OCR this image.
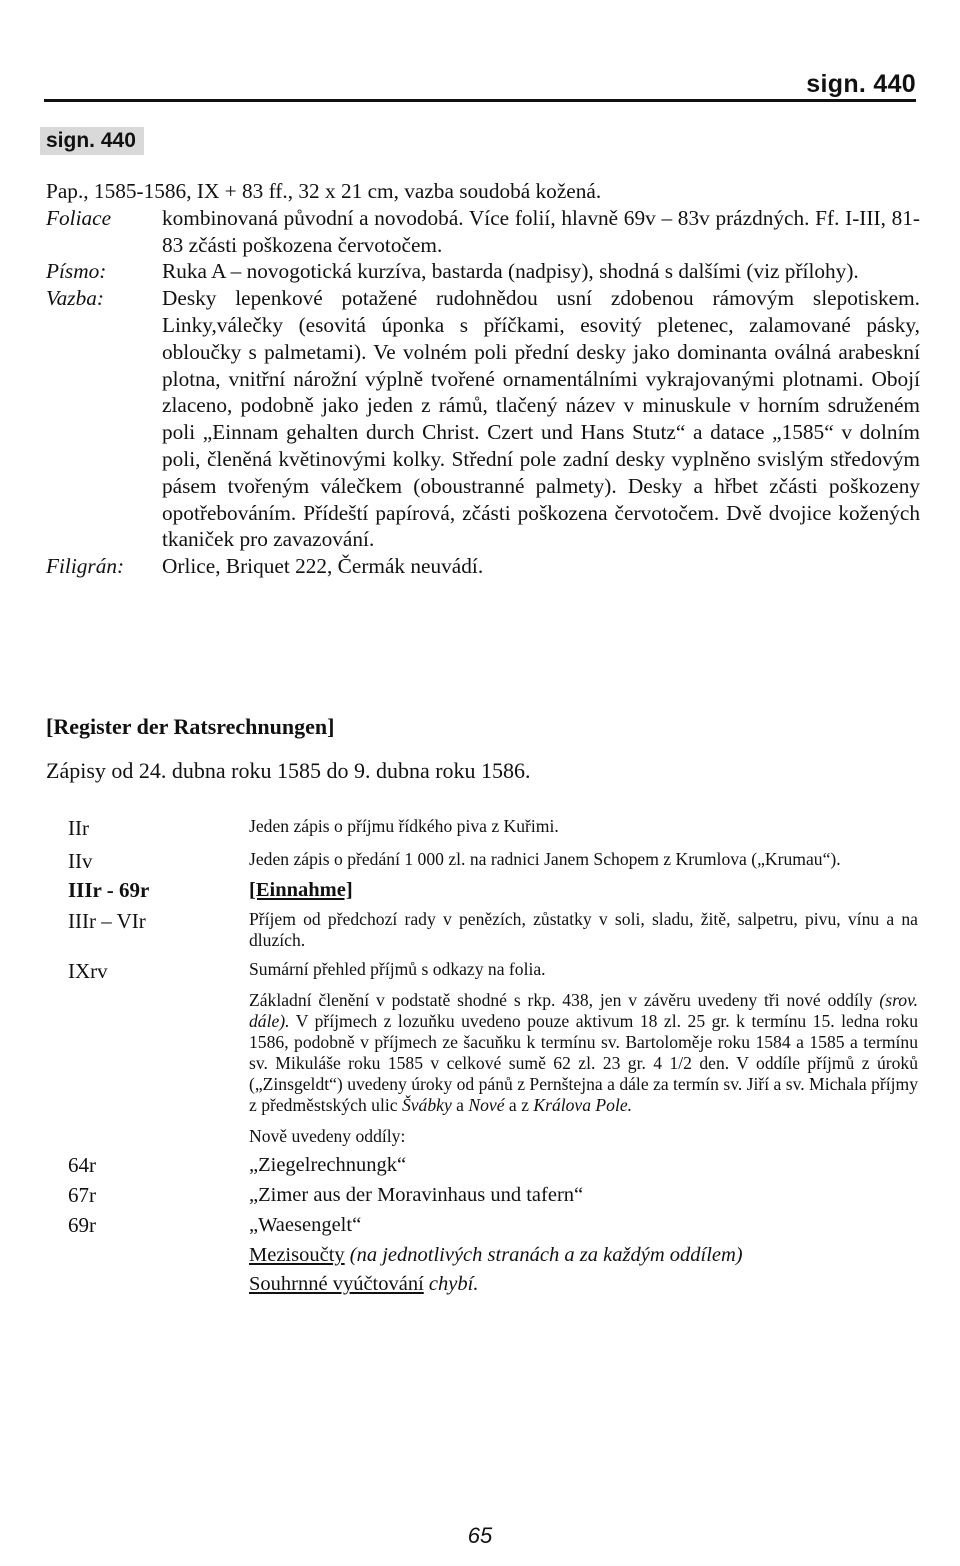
sign. 440
sign. 440

Pap., 1585-1586, IX + 83 ff., 32 x 21 cm, vazba soudobá kožená.

Foliace	kombinovaná původní a novodobá. Více folií, hlavně 69v – 83v prázdných. Ff. I-III, 81-83 zčásti poškozena červotočem.

Písmo:	Ruka A – novogotická kurzíva, bastarda (nadpisy), shodná s dalšími (viz přílohy).

Vazba:	Desky lepenkové potažené rudohnědou usní zdobenou rámovým slepotiskem. Linky,válečky (esovitá úponka s příčkami, esovitý pletenec, zalamované pásky, obloučky s palmetami). Ve volném poli přední desky jako dominanta oválná arabeskní plotna, vnitřní nárožní výplně tvořené ornamentálními vykrajovanými plotnami. Obojí zlaceno, podobně jako jeden z rámů, tlačený název v minuskule v horním sdruženém poli „Einnam gehalten durch Christ. Czert und Hans Stutz“ a datace „1585“ v dolním poli, členěná květinovými kolky. Střední pole zadní desky vyplněno svislým středovým pásem tvořeným válečkem (oboustranné palmety). Desky a hřbet zčásti poškozeny opotřebováním. Přídeští papírová, zčásti poškozena červotočem. Dvě dvojice kožených tkaniček pro zavazování.

Filigrán:	Orlice, Briquet 222, Čermák neuvádí.

[Register der Ratsrechnungen]

Zápisy od 24. dubna roku 1585 do 9. dubna roku 1586.

IIr	Jeden zápis o příjmu řídkého piva z Kuřimi.

IIv	Jeden zápis o předání 1 000 zl. na radnici Janem Schopem z Krumlova („Krumau“).

IIIr - 69r	[Einnahme]

IIIr – VIr	Příjem od předchozí rady v penězích, zůstatky v soli, sladu, žitě, salpetru, pivu, vínu a na dluzích.

IXrv	Sumární přehled příjmů s odkazy na folia.

Základní členění v podstatě shodné s rkp. 438, jen v závěru uvedeny tři nové oddíly (srov. dále). V příjmech z lozuňku uvedeno pouze aktivum 18 zl. 25 gr. k termínu 15. ledna roku 1586, podobně v příjmech ze šacuňku k termínu sv. Bartoloměje roku 1584 a 1585 a termínu sv. Mikuláše roku 1585 v celkové sumě 62 zl. 23 gr. 4 1/2 den. V oddíle příjmů z úroků („Zinsgeldt“) uvedeny úroky od pánů z Pernštejna a dále za termín sv. Jiří a sv. Michala příjmy z předměstských ulic Švábky a Nové a z Králova Pole.

Nově uvedeny oddíly:

64r	„Ziegelrechnungk“

67r	„Zimer aus der Moravinhaus und tafern“

69r	„Waesengelt“

Mezisoučty (na jednotlivých stranách a za každým oddílem)

Souhrnné vyúčtování chybí.

65
